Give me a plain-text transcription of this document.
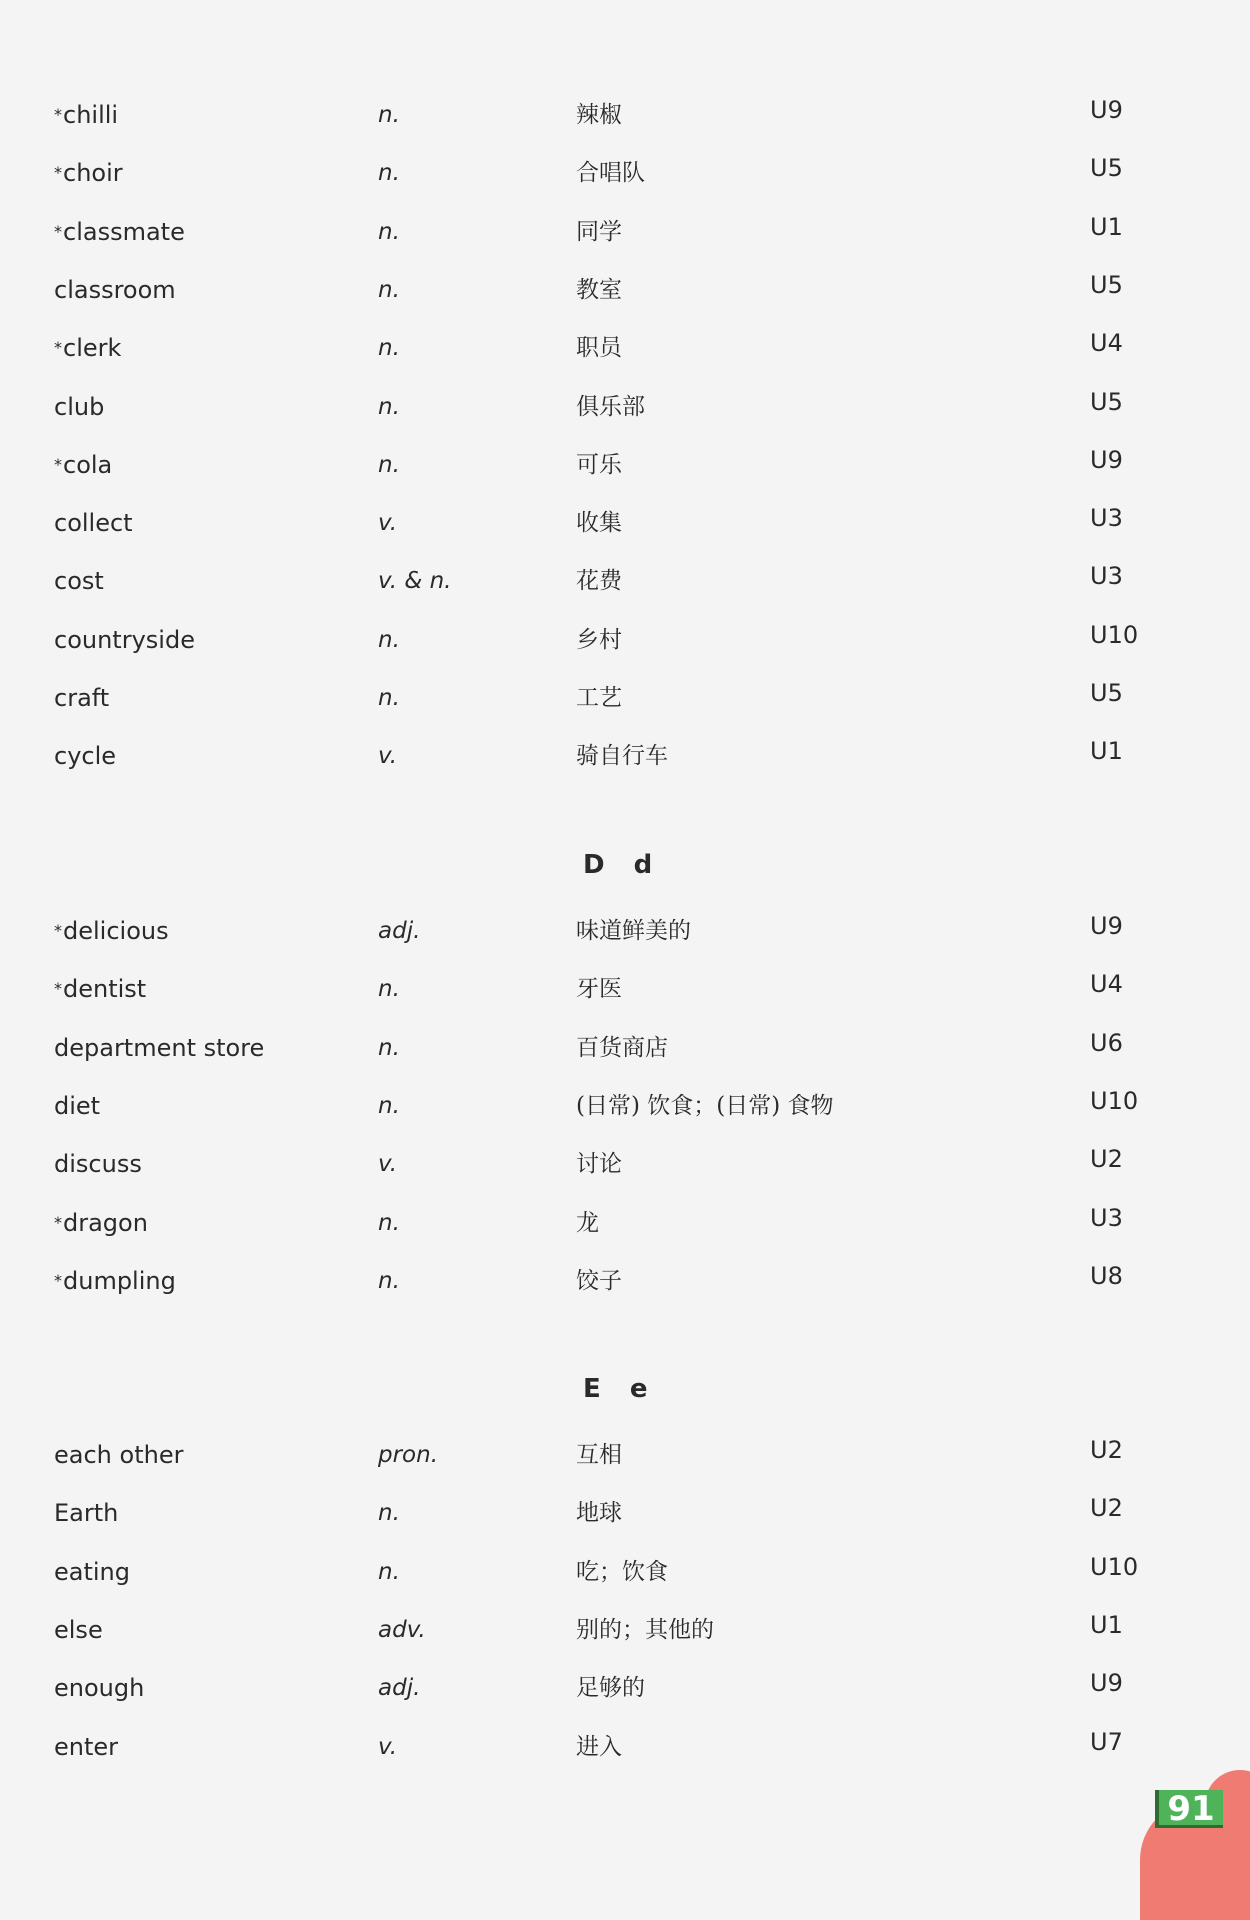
*chilli	n.	辣椒	U9
*choir	n.	合唱队	U5
*classmate	n.	同学	U1
classroom	n.	教室	U5
*clerk	n.	职员	U4
club	n.	俱乐部	U5
*cola	n.	可乐	U9
collect	v.	收集	U3
cost	v. & n.	花费	U3
countryside	n.	乡村	U10
craft	n.	工艺	U5
cycle	v.	骑自行车	U1
D d
*delicious	adj.	味道鲜美的	U9
*dentist	n.	牙医	U4
department store	n.	百货商店	U6
diet	n.	(日常) 饮食；(日常) 食物	U10
discuss	v.	讨论	U2
*dragon	n.	龙	U3
*dumpling	n.	饺子	U8
E e
each other	pron.	互相	U2
Earth	n.	地球	U2
eating	n.	吃；饮食	U10
else	adv.	别的；其他的	U1
enough	adj.	足够的	U9
enter	v.	进入	U7
91
